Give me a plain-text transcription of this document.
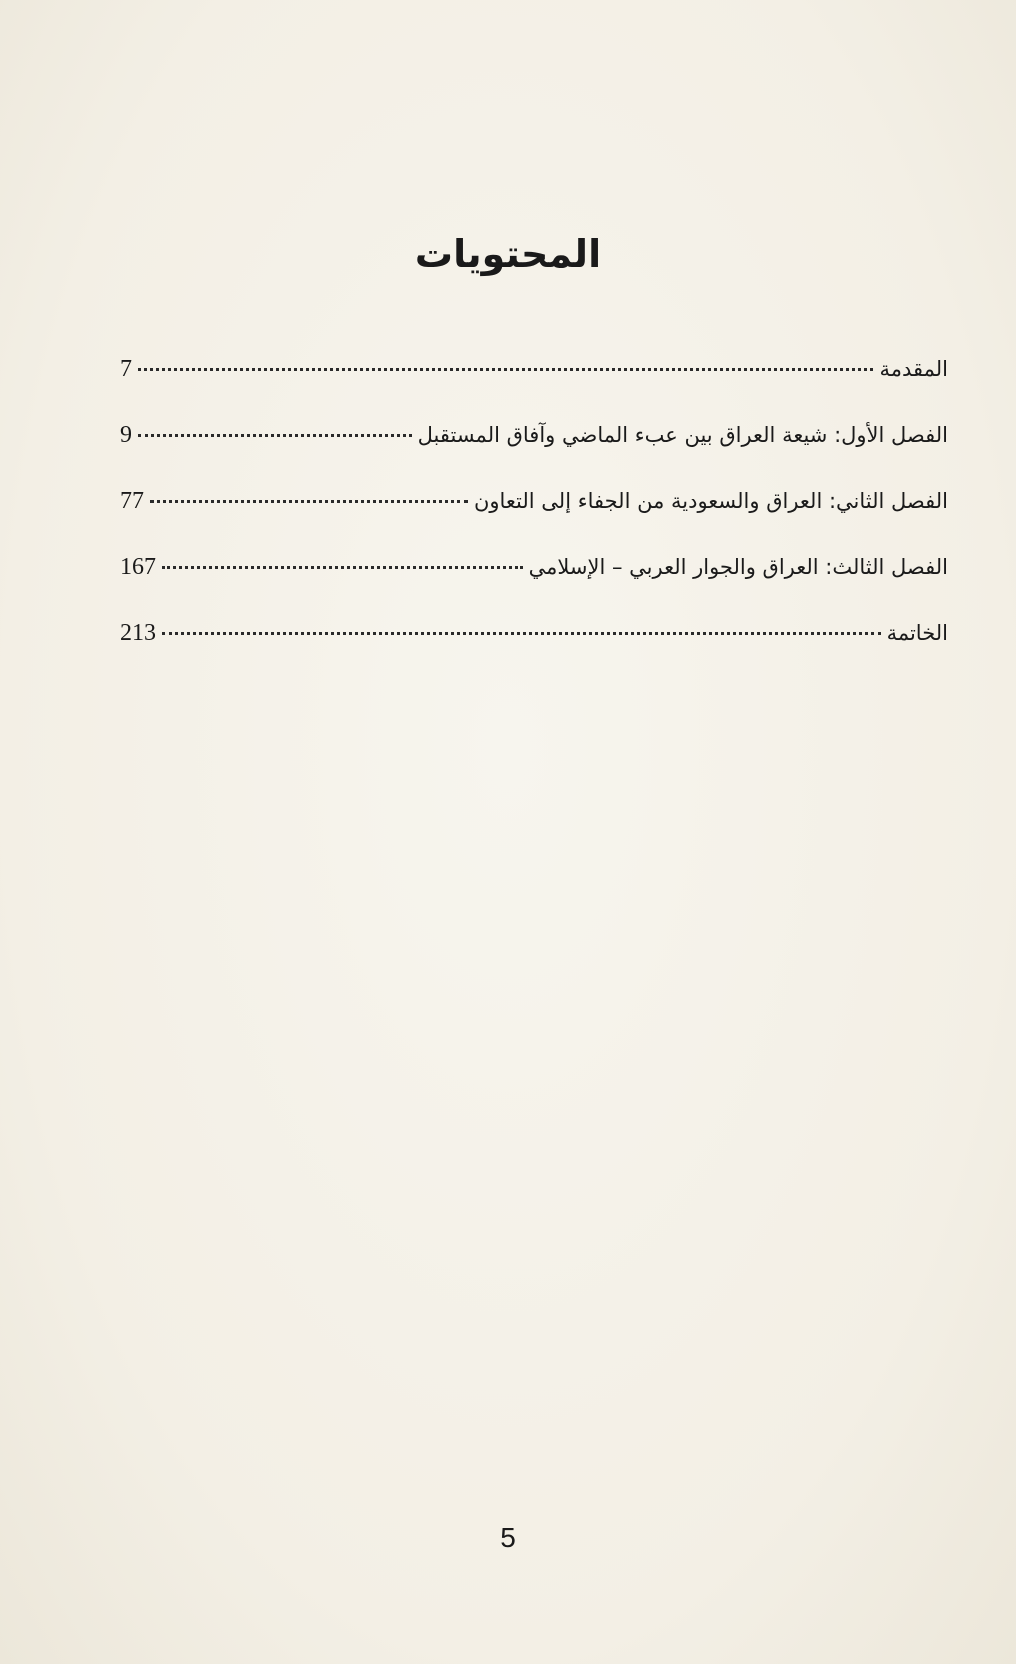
المحتويات
المقدمة
7
الفصل الأول: شيعة العراق بين عبء الماضي وآفاق المستقبل
9
الفصل الثاني: العراق والسعودية من الجفاء إلى التعاون
77
الفصل الثالث: العراق والجوار العربي – الإسلامي
167
الخاتمة
213
5
